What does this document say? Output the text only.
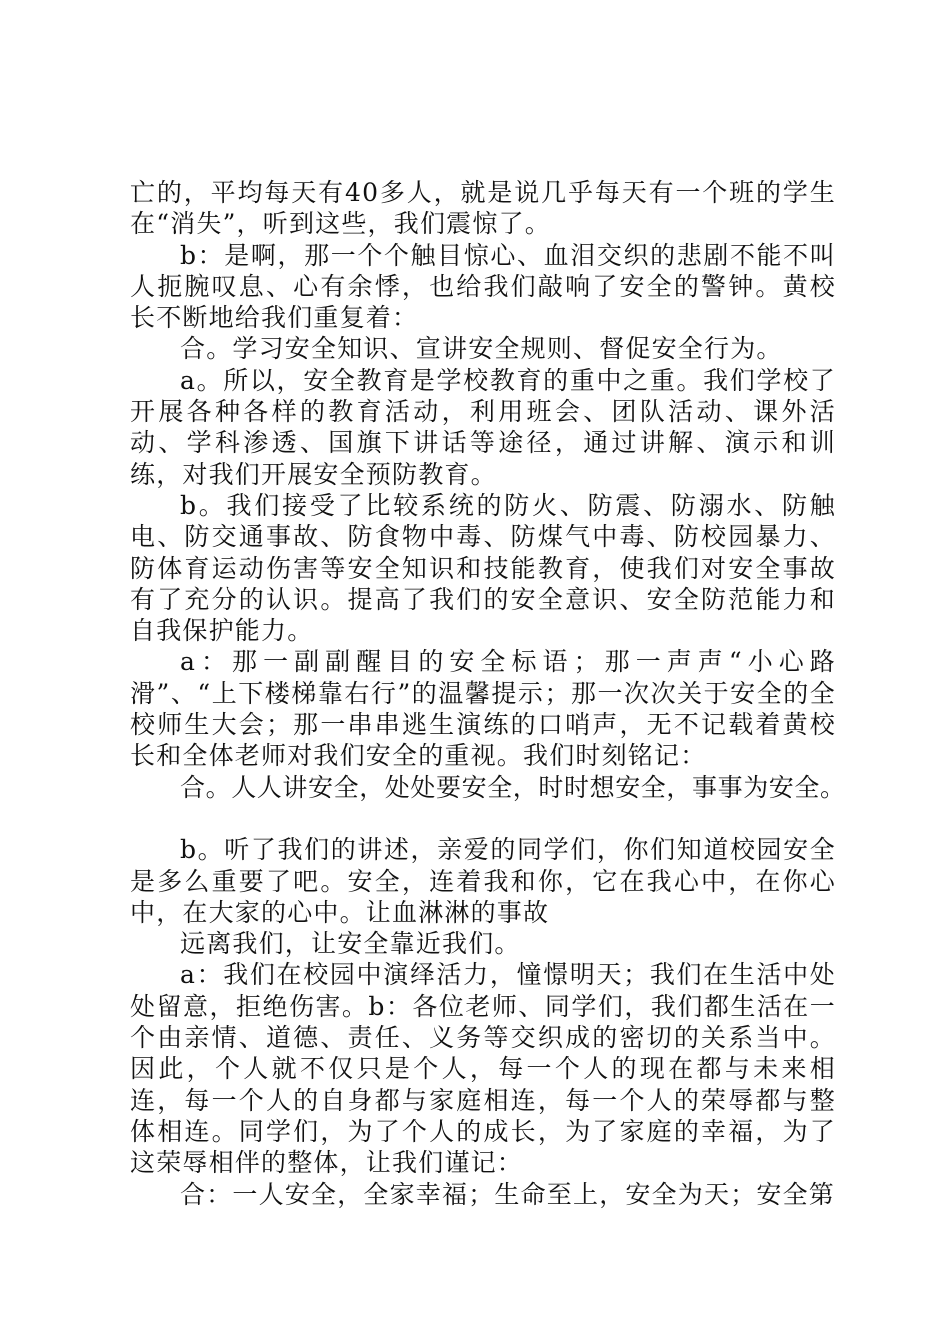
亡的，平均每天有40多人，就是说几乎每天有一个班的学生在“消失”，听到这些，我们震惊了。

b：是啊，那一个个触目惊心、血泪交织的悲剧不能不叫人扼腕叹息、心有余悸，也给我们敲响了安全的警钟。黄校长不断地给我们重复着：

合。学习安全知识、宣讲安全规则、督促安全行为。

a。所以，安全教育是学校教育的重中之重。我们学校了开展各种各样的教育活动，利用班会、团队活动、课外活动、学科渗透、国旗下讲话等途径，通过讲解、演示和训练，对我们开展安全预防教育。

b。我们接受了比较系统的防火、防震、防溺水、防触电、防交通事故、防食物中毒、防煤气中毒、防校园暴力、防体育运动伤害等安全知识和技能教育，使我们对安全事故有了充分的认识。提高了我们的安全意识、安全防范能力和自我保护能力。

a：那一副副醒目的安全标语；那一声声“小心路滑”、“上下楼梯靠右行”的温馨提示；那一次次关于安全的全校师生大会；那一串串逃生演练的口哨声，无不记载着黄校长和全体老师对我们安全的重视。我们时刻铭记：

合。人人讲安全，处处要安全，时时想安全，事事为安全。

b。听了我们的讲述，亲爱的同学们，你们知道校园安全是多么重要了吧。安全，连着我和你，它在我心中，在你心中，在大家的心中。让血淋淋的事故

远离我们，让安全靠近我们。

a：我们在校园中演绎活力，憧憬明天；我们在生活中处处留意，拒绝伤害。b：各位老师、同学们，我们都生活在一个由亲情、道德、责任、义务等交织成的密切的关系当中。因此，个人就不仅只是个人，每一个人的现在都与未来相连，每一个人的自身都与家庭相连，每一个人的荣辱都与整体相连。同学们，为了个人的成长，为了家庭的幸福，为了这荣辱相伴的整体，让我们谨记：

合：一人安全，全家幸福；生命至上，安全为天；安全第
